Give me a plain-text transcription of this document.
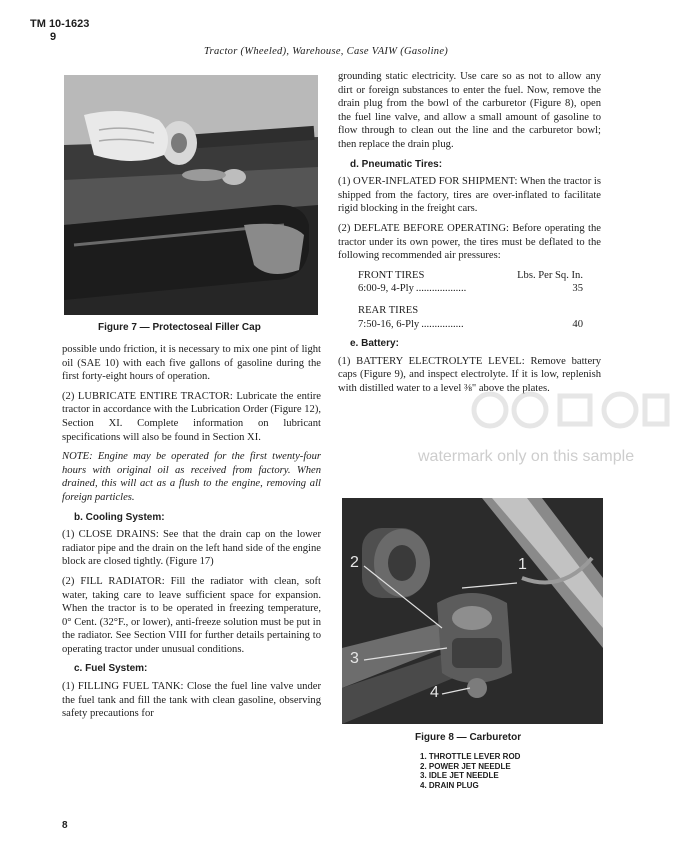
TM 10-1623
9
Tractor (Wheeled), Warehouse, Case VAIW (Gasoline)
Figure 7 — Protectoseal Filler Cap

possible undo friction, it is necessary to mix one pint of light oil (SAE 10) with each five gallons of gasoline during the first forty-eight hours of operation.

(2) LUBRICATE ENTIRE TRACTOR: Lubricate the entire tractor in accordance with the Lubrication Order (Figure 12), Section XI. Complete information on lubricant specifications will also be found in Section XI.

NOTE: Engine may be operated for the first twenty-four hours with original oil as received from factory. When drained, this will act as a flush to the engine, removing all foreign particles.

b. Cooling System:

(1) CLOSE DRAINS: See that the drain cap on the lower radiator pipe and the drain on the left hand side of the engine block are closed tightly. (Figure 17)

(2) FILL RADIATOR: Fill the radiator with clean, soft water, taking care to leave sufficient space for expansion. When the tractor is to be operated in freezing temperature, 0° Cent. (32°F., or lower), anti-freeze solution must be put in the radiator. See Section VIII for further details pertaining to operating tractor under unusual conditions.

c. Fuel System:

(1) FILLING FUEL TANK: Close the fuel line valve under the fuel tank and fill the tank with clean gasoline, observing safety precautions for

grounding static electricity. Use care so as not to allow any dirt or foreign substances to enter the fuel. Now, remove the drain plug from the bowl of the carburetor (Figure 8), open the fuel line valve, and allow a small amount of gasoline to flow through to clean out the line and the carburetor bowl; then replace the drain plug.

d. Pneumatic Tires:

(1) OVER-INFLATED FOR SHIPMENT: When the tractor is shipped from the factory, tires are over-inflated to facilitate rigid blocking in the freight cars.

(2) DEFLATE BEFORE OPERATING: Before operating the tractor under its own power, the tires must be deflated to the following recommended air pressures:

FRONT TIRES	Lbs. Per Sq. In.
6:00-9, 4-Ply ...................	35
REAR TIRES
7:50-16, 6-Ply ................	40
e. Battery:

(1) BATTERY ELECTROLYTE LEVEL: Remove battery caps (Figure 9), and inspect electrolyte. If it is low, replenish with distilled water to a level ⅜" above the plates.

watermark only on this sample
1
2
3
4
Figure 8 — Carburetor
1. THROTTLE LEVER ROD
2. POWER JET NEEDLE
3. IDLE JET NEEDLE
4. DRAIN PLUG
8
